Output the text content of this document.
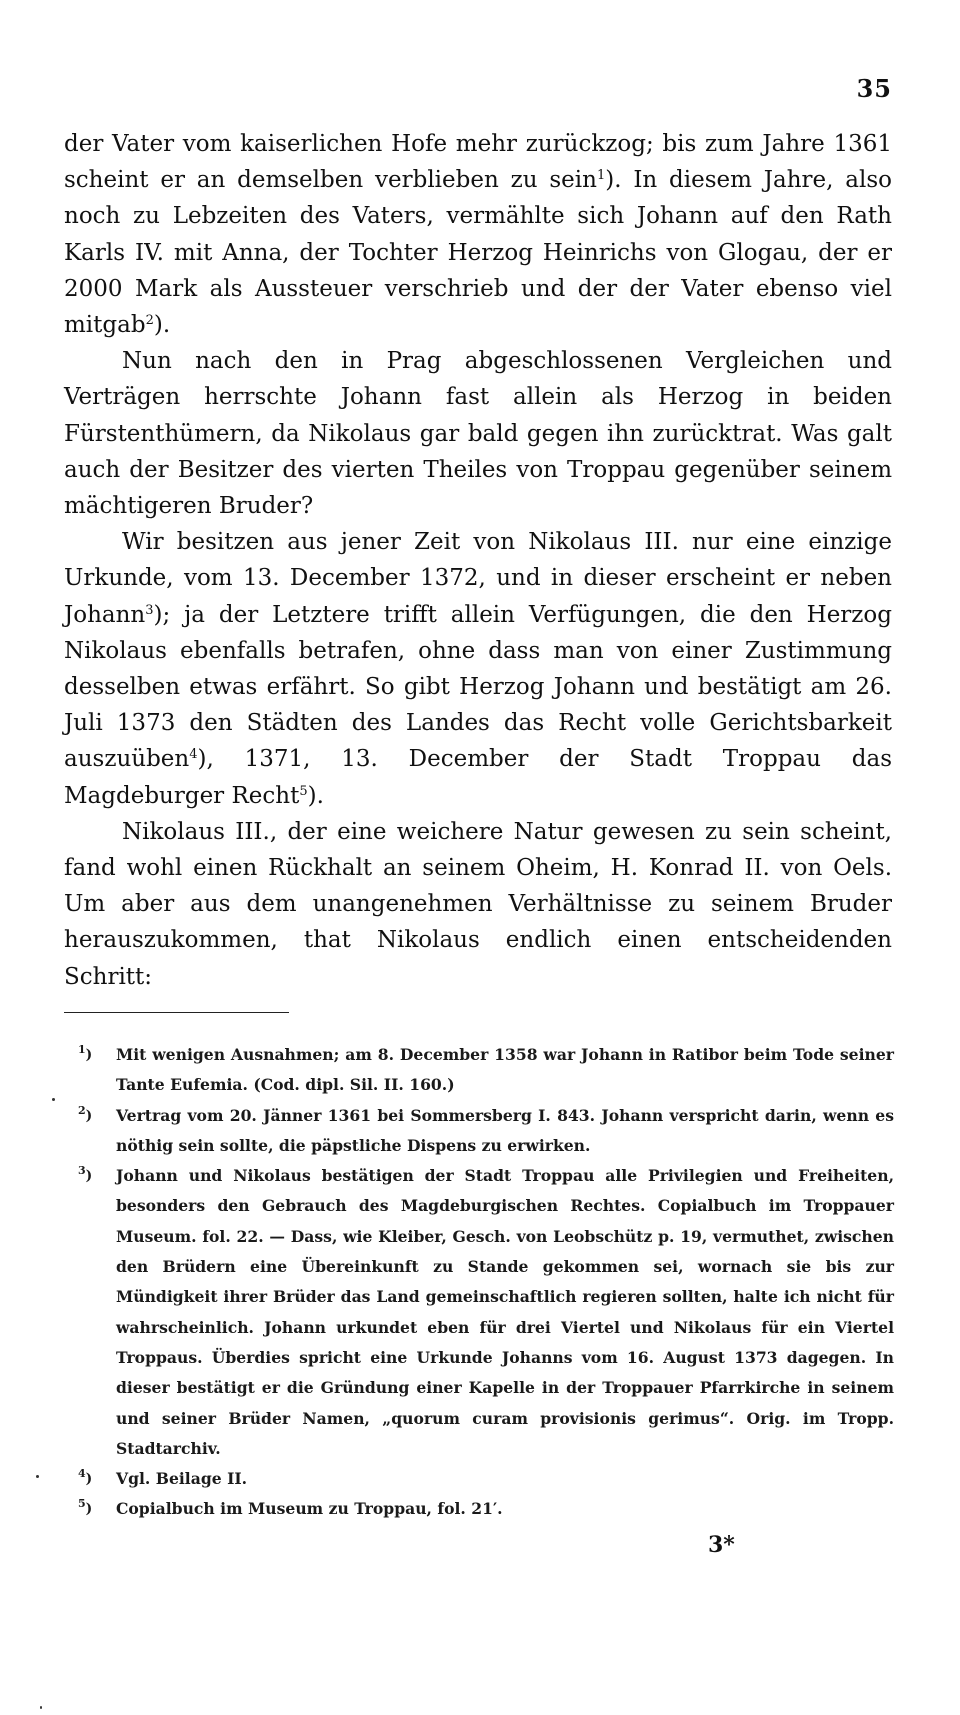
35

der Vater vom kaiserlichen Hofe mehr zurückzog; bis zum Jahre 1361 scheint er an demselben verblieben zu sein$^1$). In diesem Jahre, also noch zu Lebzeiten des Vaters, vermählte sich Johann auf den Rath Karls IV. mit Anna, der Tochter Herzog Heinrichs von Glogau, der er 2000 Mark als Aussteuer verschrieb und der der Vater ebenso viel mitgab$^2$).

Nun nach den in Prag abgeschlossenen Vergleichen und Verträgen herrschte Johann fast allein als Herzog in beiden Fürstenthümern, da Nikolaus gar bald gegen ihn zurücktrat. Was galt auch der Besitzer des vierten Theiles von Troppau gegenüber seinem mächtigeren Bruder?

Wir besitzen aus jener Zeit von Nikolaus III. nur eine einzige Urkunde, vom 13. December 1372, und in dieser erscheint er neben Johann$^3$); ja der Letztere trifft allein Verfügungen, die den Herzog Nikolaus ebenfalls betrafen, ohne dass man von einer Zustimmung desselben etwas erfährt. So gibt Herzog Johann und bestätigt am 26. Juli 1373 den Städten des Landes das Recht volle Gerichtsbarkeit auszuüben$^4$), 1371, 13. December der Stadt Troppau das Magdeburger Recht$^5$).

Nikolaus III., der eine weichere Natur gewesen zu sein scheint, fand wohl einen Rückhalt an seinem Oheim, H. Konrad II. von Oels. Um aber aus dem unangenehmen Verhältnisse zu seinem Bruder herauszukommen, that Nikolaus endlich einen entscheidenden Schritt:

$^1$) Mit wenigen Ausnahmen; am 8. December 1358 war Johann in Ratibor beim Tode seiner Tante Eufemia. (Cod. dipl. Sil. II. 160.)
$^2$) Vertrag vom 20. Jänner 1361 bei Sommersberg I. 843. Johann verspricht darin, wenn es nöthig sein sollte, die päpstliche Dispens zu erwirken.
$^3$) Johann und Nikolaus bestätigen der Stadt Troppau alle Privilegien und Freiheiten, besonders den Gebrauch des Magdeburgischen Rechtes. Copialbuch im Troppauer Museum. fol. 22. — Dass, wie Kleiber, Gesch. von Leobschütz p. 19, vermuthet, zwischen den Brüdern eine Übereinkunft zu Stande gekommen sei, wornach sie bis zur Mündigkeit ihrer Brüder das Land gemeinschaftlich regieren sollten, halte ich nicht für wahrscheinlich. Johann urkundet eben für drei Viertel und Nikolaus für ein Viertel Troppaus. Überdies spricht eine Urkunde Johanns vom 16. August 1373 dagegen. In dieser bestätigt er die Gründung einer Kapelle in der Troppauer Pfarrkirche in seinem und seiner Brüder Namen, „quorum curam provisionis gerimus“. Orig. im Tropp. Stadtarchiv.
$^4$) Vgl. Beilage II.
$^5$) Copialbuch im Museum zu Troppau, fol. 21′.
3*
